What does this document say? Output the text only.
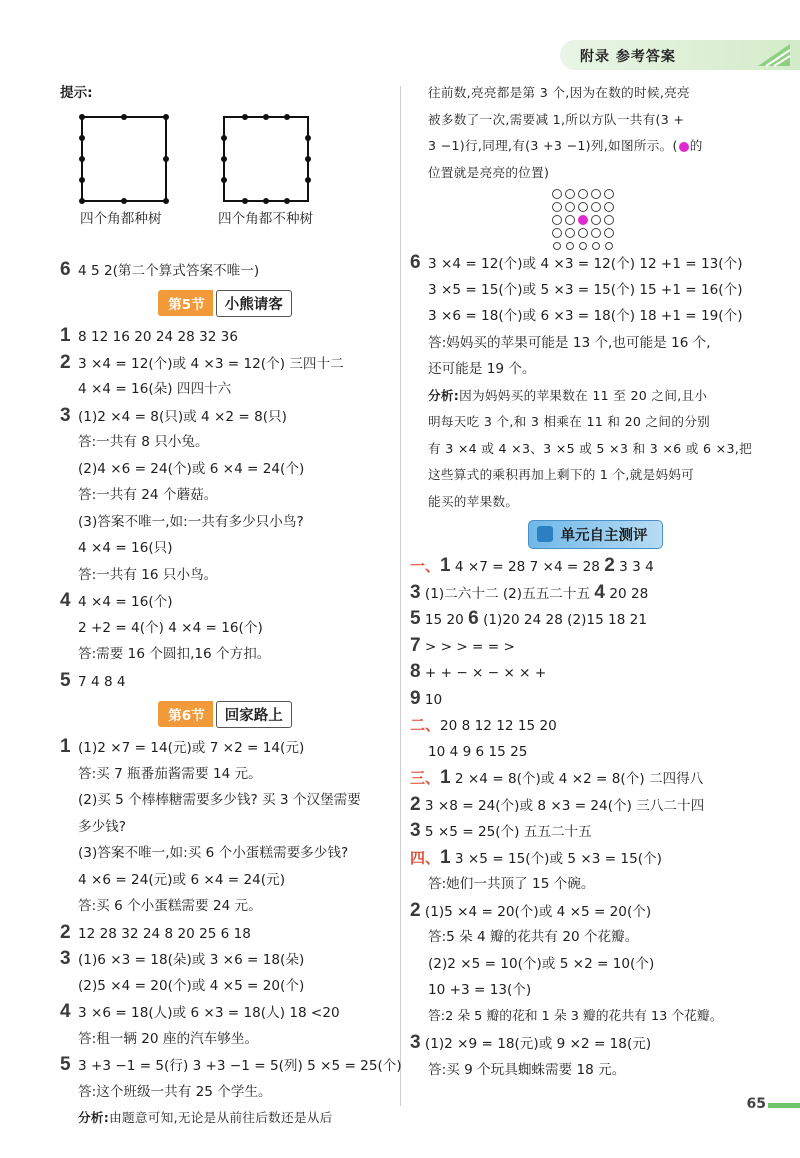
附录 参考答案
提示:
四个角都种树	四个角都不种树
6 4 5 2(第二个算式答案不唯一)
第5节	小熊请客
1 8 12 16 20 24 28 32 36
2 3 ×4 = 12(个)或 4 ×3 = 12(个) 三四十二
4 ×4 = 16(朵) 四四十六
3 (1)2 ×4 = 8(只)或 4 ×2 = 8(只)
答:一共有 8 只小兔。
(2)4 ×6 = 24(个)或 6 ×4 = 24(个)
答:一共有 24 个蘑菇。
(3)答案不唯一,如:一共有多少只小鸟?
4 ×4 = 16(只)
答:一共有 16 只小鸟。
4 4 ×4 = 16(个)
2 +2 = 4(个) 4 ×4 = 16(个)
答:需要 16 个圆扣,16 个方扣。
5 7 4 8 4
第6节	回家路上
1 (1)2 ×7 = 14(元)或 7 ×2 = 14(元)
答:买 7 瓶番茄酱需要 14 元。
(2)买 5 个棒棒糖需要多少钱? 买 3 个汉堡需要
多少钱?
(3)答案不唯一,如:买 6 个小蛋糕需要多少钱?
4 ×6 = 24(元)或 6 ×4 = 24(元)
答:买 6 个小蛋糕需要 24 元。
2 12 28 32 24 8 20 25 6 18
3 (1)6 ×3 = 18(朵)或 3 ×6 = 18(朵)
(2)5 ×4 = 20(个)或 4 ×5 = 20(个)
4 3 ×6 = 18(人)或 6 ×3 = 18(人) 18 <20
答:租一辆 20 座的汽车够坐。
5 3 +3 −1 = 5(行) 3 +3 −1 = 5(列) 5 ×5 = 25(个)
答:这个班级一共有 25 个学生。
分析:由题意可知,无论是从前往后数还是从后
往前数,亮亮都是第 3 个,因为在数的时候,亮亮
被多数了一次,需要减 1,所以方队一共有(3 +
3 −1)行,同理,有(3 +3 −1)列,如图所示。( 的
位置就是亮亮的位置)
6 3 ×4 = 12(个)或 4 ×3 = 12(个) 12 +1 = 13(个)
3 ×5 = 15(个)或 5 ×3 = 15(个) 15 +1 = 16(个)
3 ×6 = 18(个)或 6 ×3 = 18(个) 18 +1 = 19(个)
答:妈妈买的苹果可能是 13 个,也可能是 16 个,
还可能是 19 个。
分析:因为妈妈买的苹果数在 11 至 20 之间,且小
明每天吃 3 个,和 3 相乘在 11 和 20 之间的分别
有 3 ×4 或 4 ×3、3 ×5 或 5 ×3 和 3 ×6 或 6 ×3,把
这些算式的乘积再加上剩下的 1 个,就是妈妈可
能买的苹果数。
单元自主测评
一、1 4 ×7 = 28 7 ×4 = 28 2 3 3 4
3 (1)二六十二 (2)五五二十五 4 20 28
5 15 20 6 (1)20 24 28 (2)15 18 21
7 > > > = = >
8 + + − × − × × +
9 10
二、20 8 12 12 15 20
10 4 9 6 15 25
三、1 2 ×4 = 8(个)或 4 ×2 = 8(个) 二四得八
2 3 ×8 = 24(个)或 8 ×3 = 24(个) 三八二十四
3 5 ×5 = 25(个) 五五二十五
四、1 3 ×5 = 15(个)或 5 ×3 = 15(个)
答:她们一共顶了 15 个碗。
2 (1)5 ×4 = 20(个)或 4 ×5 = 20(个)
答:5 朵 4 瓣的花共有 20 个花瓣。
(2)2 ×5 = 10(个)或 5 ×2 = 10(个)
10 +3 = 13(个)
答:2 朵 5 瓣的花和 1 朵 3 瓣的花共有 13 个花瓣。
3 (1)2 ×9 = 18(元)或 9 ×2 = 18(元)
答:买 9 个玩具蜘蛛需要 18 元。
65
